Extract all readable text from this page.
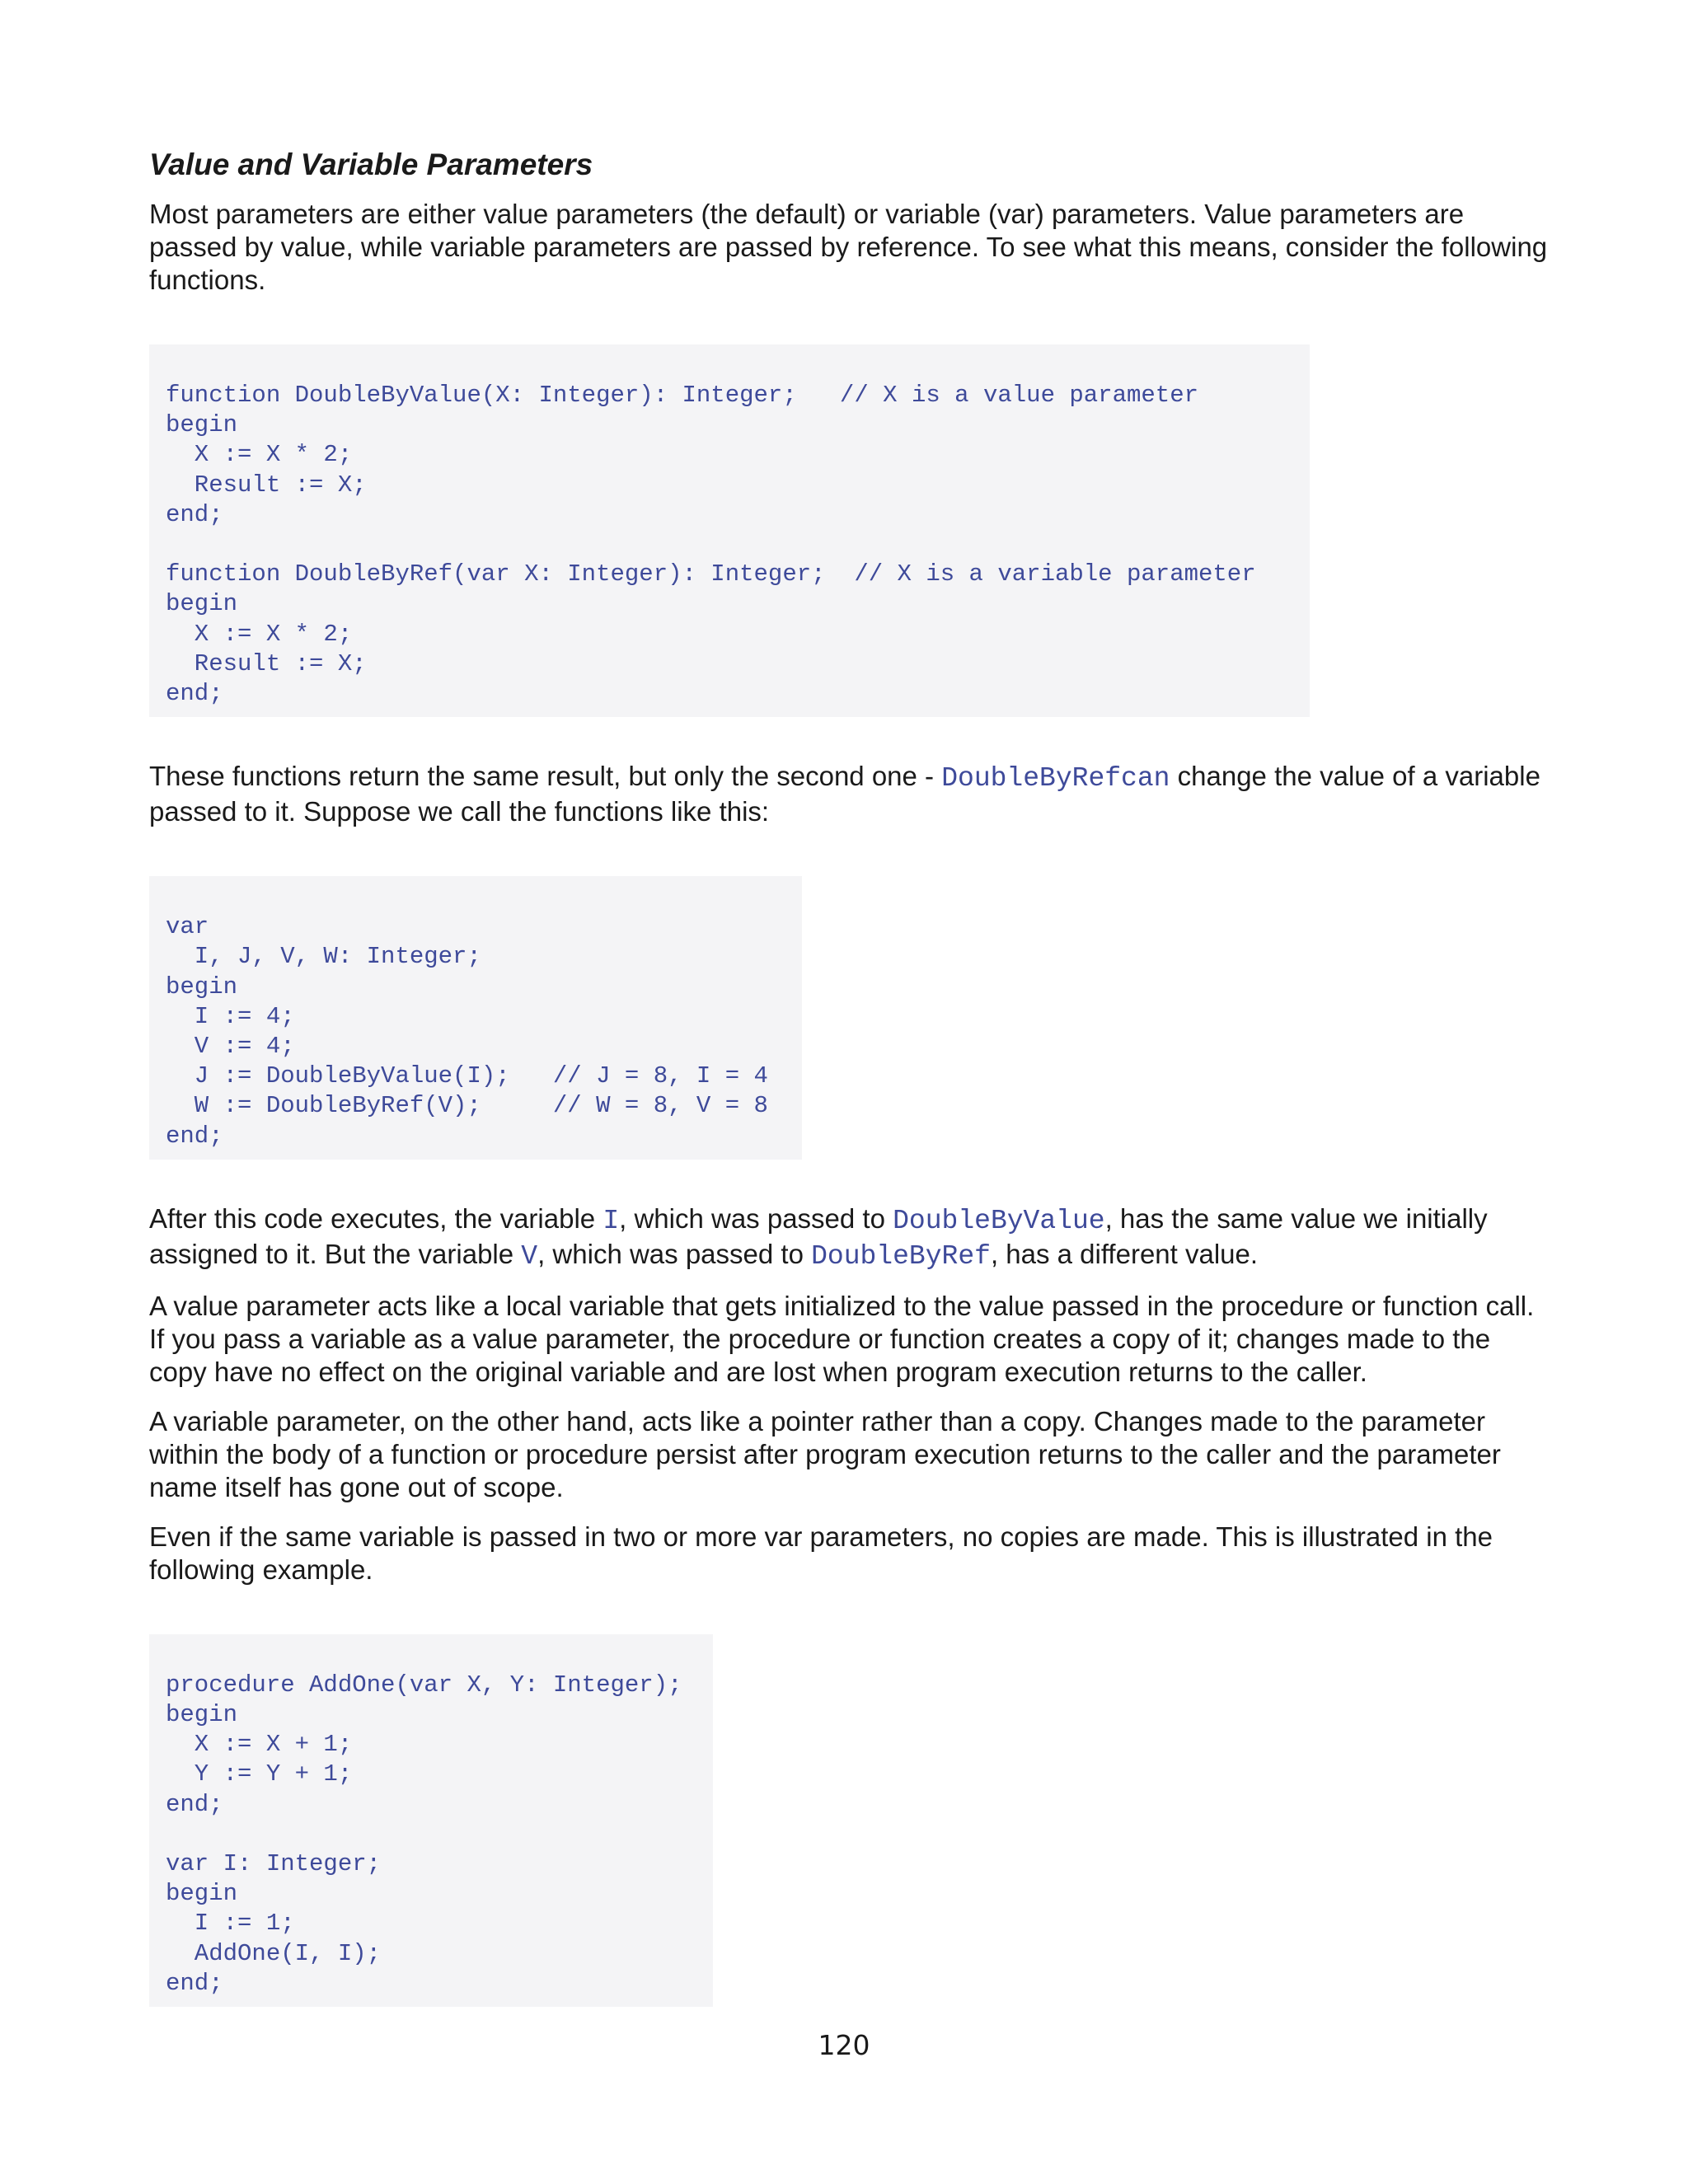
Value and Variable Parameters

Most parameters are either value parameters (the default) or variable (var) parameters. Value parameters are passed by value, while variable parameters are passed by reference. To see what this means, consider the following functions.

function DoubleByValue(X: Integer): Integer;   // X is a value parameter
begin
X := X * 2;
Result := X;
end;

function DoubleByRef(var X: Integer): Integer;  // X is a variable parameter
begin
X := X * 2;
Result := X;
end;

These functions return the same result, but only the second one - DoubleByRefcan change the value of a variable passed to it. Suppose we call the functions like this:

var
I, J, V, W: Integer;
begin
I := 4;
V := 4;
J := DoubleByValue(I);   // J = 8, I = 4
W := DoubleByRef(V);     // W = 8, V = 8
end;

After this code executes, the variable I, which was passed to DoubleByValue, has the same value we initially assigned to it. But the variable V, which was passed to DoubleByRef, has a different value.

A value parameter acts like a local variable that gets initialized to the value passed in the procedure or function call. If you pass a variable as a value parameter, the procedure or function creates a copy of it; changes made to the copy have no effect on the original variable and are lost when program execution returns to the caller.

A variable parameter, on the other hand, acts like a pointer rather than a copy. Changes made to the parameter within the body of a function or procedure persist after program execution returns to the caller and the parameter name itself has gone out of scope.

Even if the same variable is passed in two or more var parameters, no copies are made. This is illustrated in the following example.

procedure AddOne(var X, Y: Integer);
begin
X := X + 1;
Y := Y + 1;
end;

var I: Integer;
begin
I := 1;
AddOne(I, I);
end;
120
